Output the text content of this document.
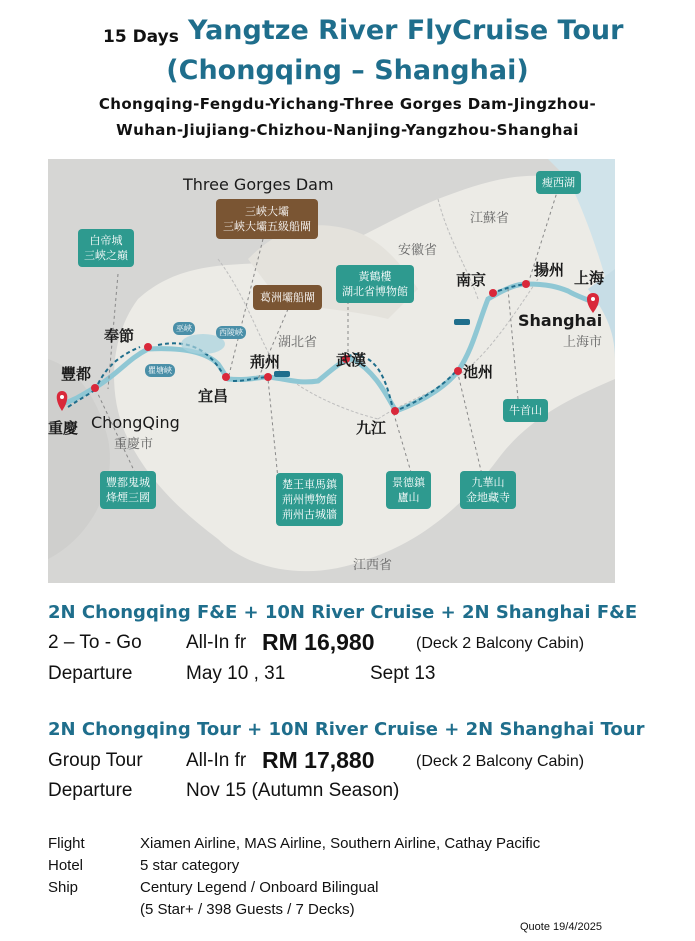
15 Days Yangtze River FlyCruise Tour
(Chongqing – Shanghai)
Chongqing-Fengdu-Yichang-Three Gorges Dam-Jingzhou-
Wuhan-Jiujiang-Chizhou-Nanjing-Yangzhou-Shanghai
Three Gorges Dam
重慶 ChongQing
重慶市
豐都
奉節
宜昌
荊州	武漢
九江
池州
南京
揚州 上海
Shanghai
上海市
湖北省
安徽省
江蘇省
江西省
白帝城
三峽之巔
豐都鬼城
烽煙三國
三峽大壩
三峽大壩五級船閘
葛洲壩船閘
黃鶴樓
湖北省博物館
楚王車馬鎮
荊州博物館
荊州古城牆
景德鎮
廬山
九華山
金地藏寺
牛首山
瘦西湖
巫峽	西陵峽
瞿塘峽
2N Chongqing F&E + 10N River Cruise + 2N Shanghai F&E
2 – To - Go All-In fr RM 16,980	(Deck 2 Balcony Cabin)
Departure	May 10 , 31	Sept 13
2N Chongqing Tour + 10N River Cruise + 2N Shanghai Tour
Group Tour All-In fr RM 17,880	(Deck 2 Balcony Cabin)
Departure	Nov 15 (Autumn Season)
Flight	Xiamen Airline, MAS Airline, Southern Airline, Cathay Pacific
Hotel	5 star category
Ship	Century Legend / Onboard Bilingual
(5 Star+ / 398 Guests / 7 Decks)
Quote 19/4/2025
